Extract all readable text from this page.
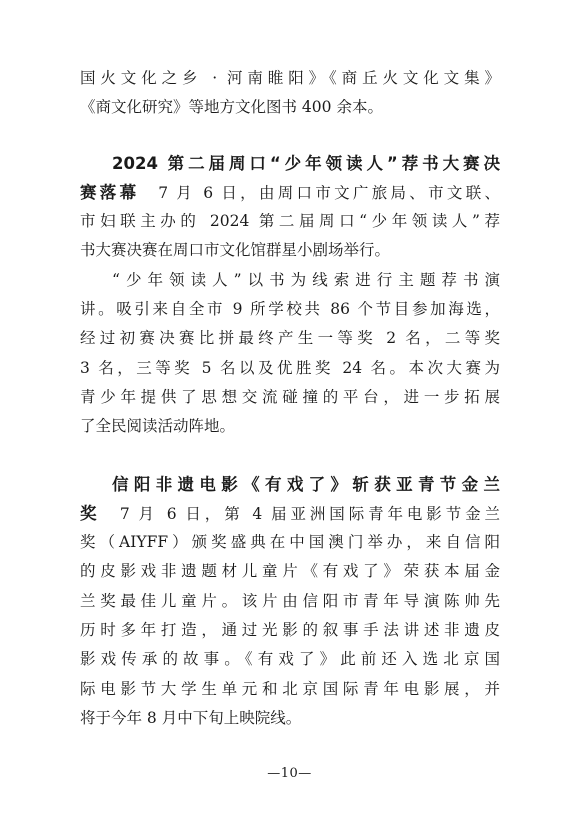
国火文化之乡 · 河南睢阳》《商丘火文化文集》
《商文化研究》等地方文化图书 400 余本。
2024 第二届周口“少年领读人”荐书大赛决
赛落幕　 7 月 6 日，由周口市文广旅局、市文联、
市妇联主办的 2024 第二届周口“少年领读人”荐
书大赛决赛在周口市文化馆群星小剧场举行。
“少年领读人”以书为线索进行主题荐书演
讲。吸引来自全市 9 所学校共 86 个节目参加海选，
经过初赛决赛比拼最终产生一等奖 2 名，二等奖
3 名，三等奖 5 名以及优胜奖 24 名。本次大赛为
青少年提供了思想交流碰撞的平台，进一步拓展
了全民阅读活动阵地。
信阳非遗电影《有戏了》斩获亚青节金兰
奖　 7 月 6 日，第 4 届亚洲国际青年电影节金兰
奖（AIYFF）颁奖盛典在中国澳门举办，来自信阳
的皮影戏非遗题材儿童片《有戏了》荣获本届金
兰奖最佳儿童片。该片由信阳市青年导演陈帅先
历时多年打造，通过光影的叙事手法讲述非遗皮
影戏传承的故事。《有戏了》此前还入选北京国
际电影节大学生单元和北京国际青年电影展，并
将于今年 8 月中下旬上映院线。
—10—
